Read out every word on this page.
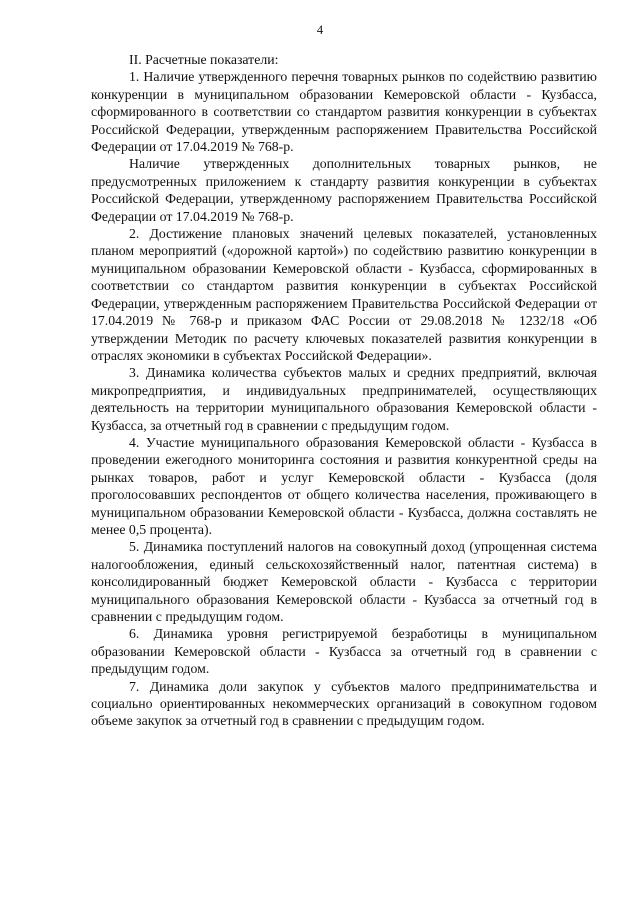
4

II. Расчетные показатели:

1. Наличие утвержденного перечня товарных рынков по содействию развитию конкуренции в муниципальном образовании Кемеровской области - Кузбасса, сформированного в соответствии со стандартом развития конкуренции в субъектах Российской Федерации, утвержденным распоряжением Правительства Российской Федерации от 17.04.2019 № 768-р.

Наличие утвержденных дополнительных товарных рынков, не предусмотренных приложением к стандарту развития конкуренции в субъектах Российской Федерации, утвержденному распоряжением Правительства Российской Федерации от 17.04.2019 № 768-р.

2. Достижение плановых значений целевых показателей, установленных планом мероприятий («дорожной картой») по содействию развитию конкуренции в муниципальном образовании Кемеровской области - Кузбасса, сформированных в соответствии со стандартом развития конкуренции в субъектах Российской Федерации, утвержденным распоряжением Правительства Российской Федерации от 17.04.2019 № 768-р и приказом ФАС России от 29.08.2018 № 1232/18 «Об утверждении Методик по расчету ключевых показателей развития конкуренции в отраслях экономики в субъектах Российской Федерации».

3. Динамика количества субъектов малых и средних предприятий, включая микропредприятия, и индивидуальных предпринимателей, осуществляющих деятельность на территории муниципального образования Кемеровской области - Кузбасса, за отчетный год в сравнении с предыдущим годом.

4. Участие муниципального образования Кемеровской области - Кузбасса в проведении ежегодного мониторинга состояния и развития конкурентной среды на рынках товаров, работ и услуг Кемеровской области - Кузбасса (доля проголосовавших респондентов от общего количества населения, проживающего в муниципальном образовании Кемеровской области - Кузбасса, должна составлять не менее 0,5 процента).

5. Динамика поступлений налогов на совокупный доход (упрощенная система налогообложения, единый сельскохозяйственный налог, патентная система) в консолидированный бюджет Кемеровской области - Кузбасса с территории муниципального образования Кемеровской области - Кузбасса за отчетный год в сравнении с предыдущим годом.

6. Динамика уровня регистрируемой безработицы в муниципальном образовании Кемеровской области - Кузбасса за отчетный год в сравнении с предыдущим годом.

7. Динамика доли закупок у субъектов малого предпринимательства и социально ориентированных некоммерческих организаций в совокупном годовом объеме закупок за отчетный год в сравнении с предыдущим годом.
